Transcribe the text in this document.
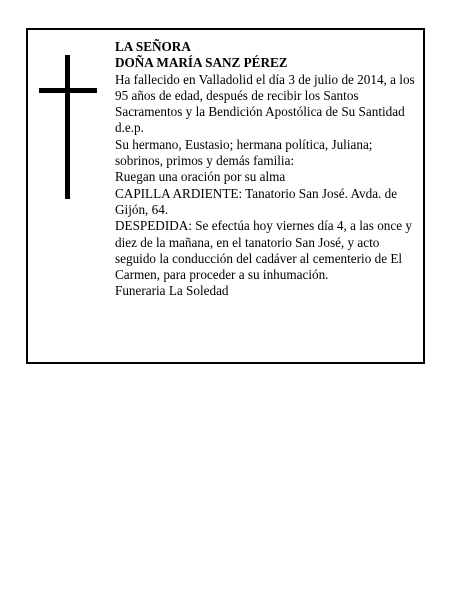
LA SEÑORA

DOÑA MARÍA SANZ PÉREZ

Ha fallecido en Valladolid el día 3 de julio de 2014, a los 95 años de edad, después de recibir los Santos Sacramentos y la Bendición Apostólica de Su Santidad d.e.p.

Su hermano, Eustasio; hermana política, Juliana; sobrinos, primos y demás familia:

Ruegan una oración por su alma

CAPILLA ARDIENTE: Tanatorio San José. Avda. de Gijón, 64.

DESPEDIDA: Se efectúa hoy viernes día 4, a las once y diez de la mañana, en el tanatorio San José, y acto seguido la conducción del cadáver al cementerio de El Carmen, para proceder a su inhumación.

Funeraria La Soledad
